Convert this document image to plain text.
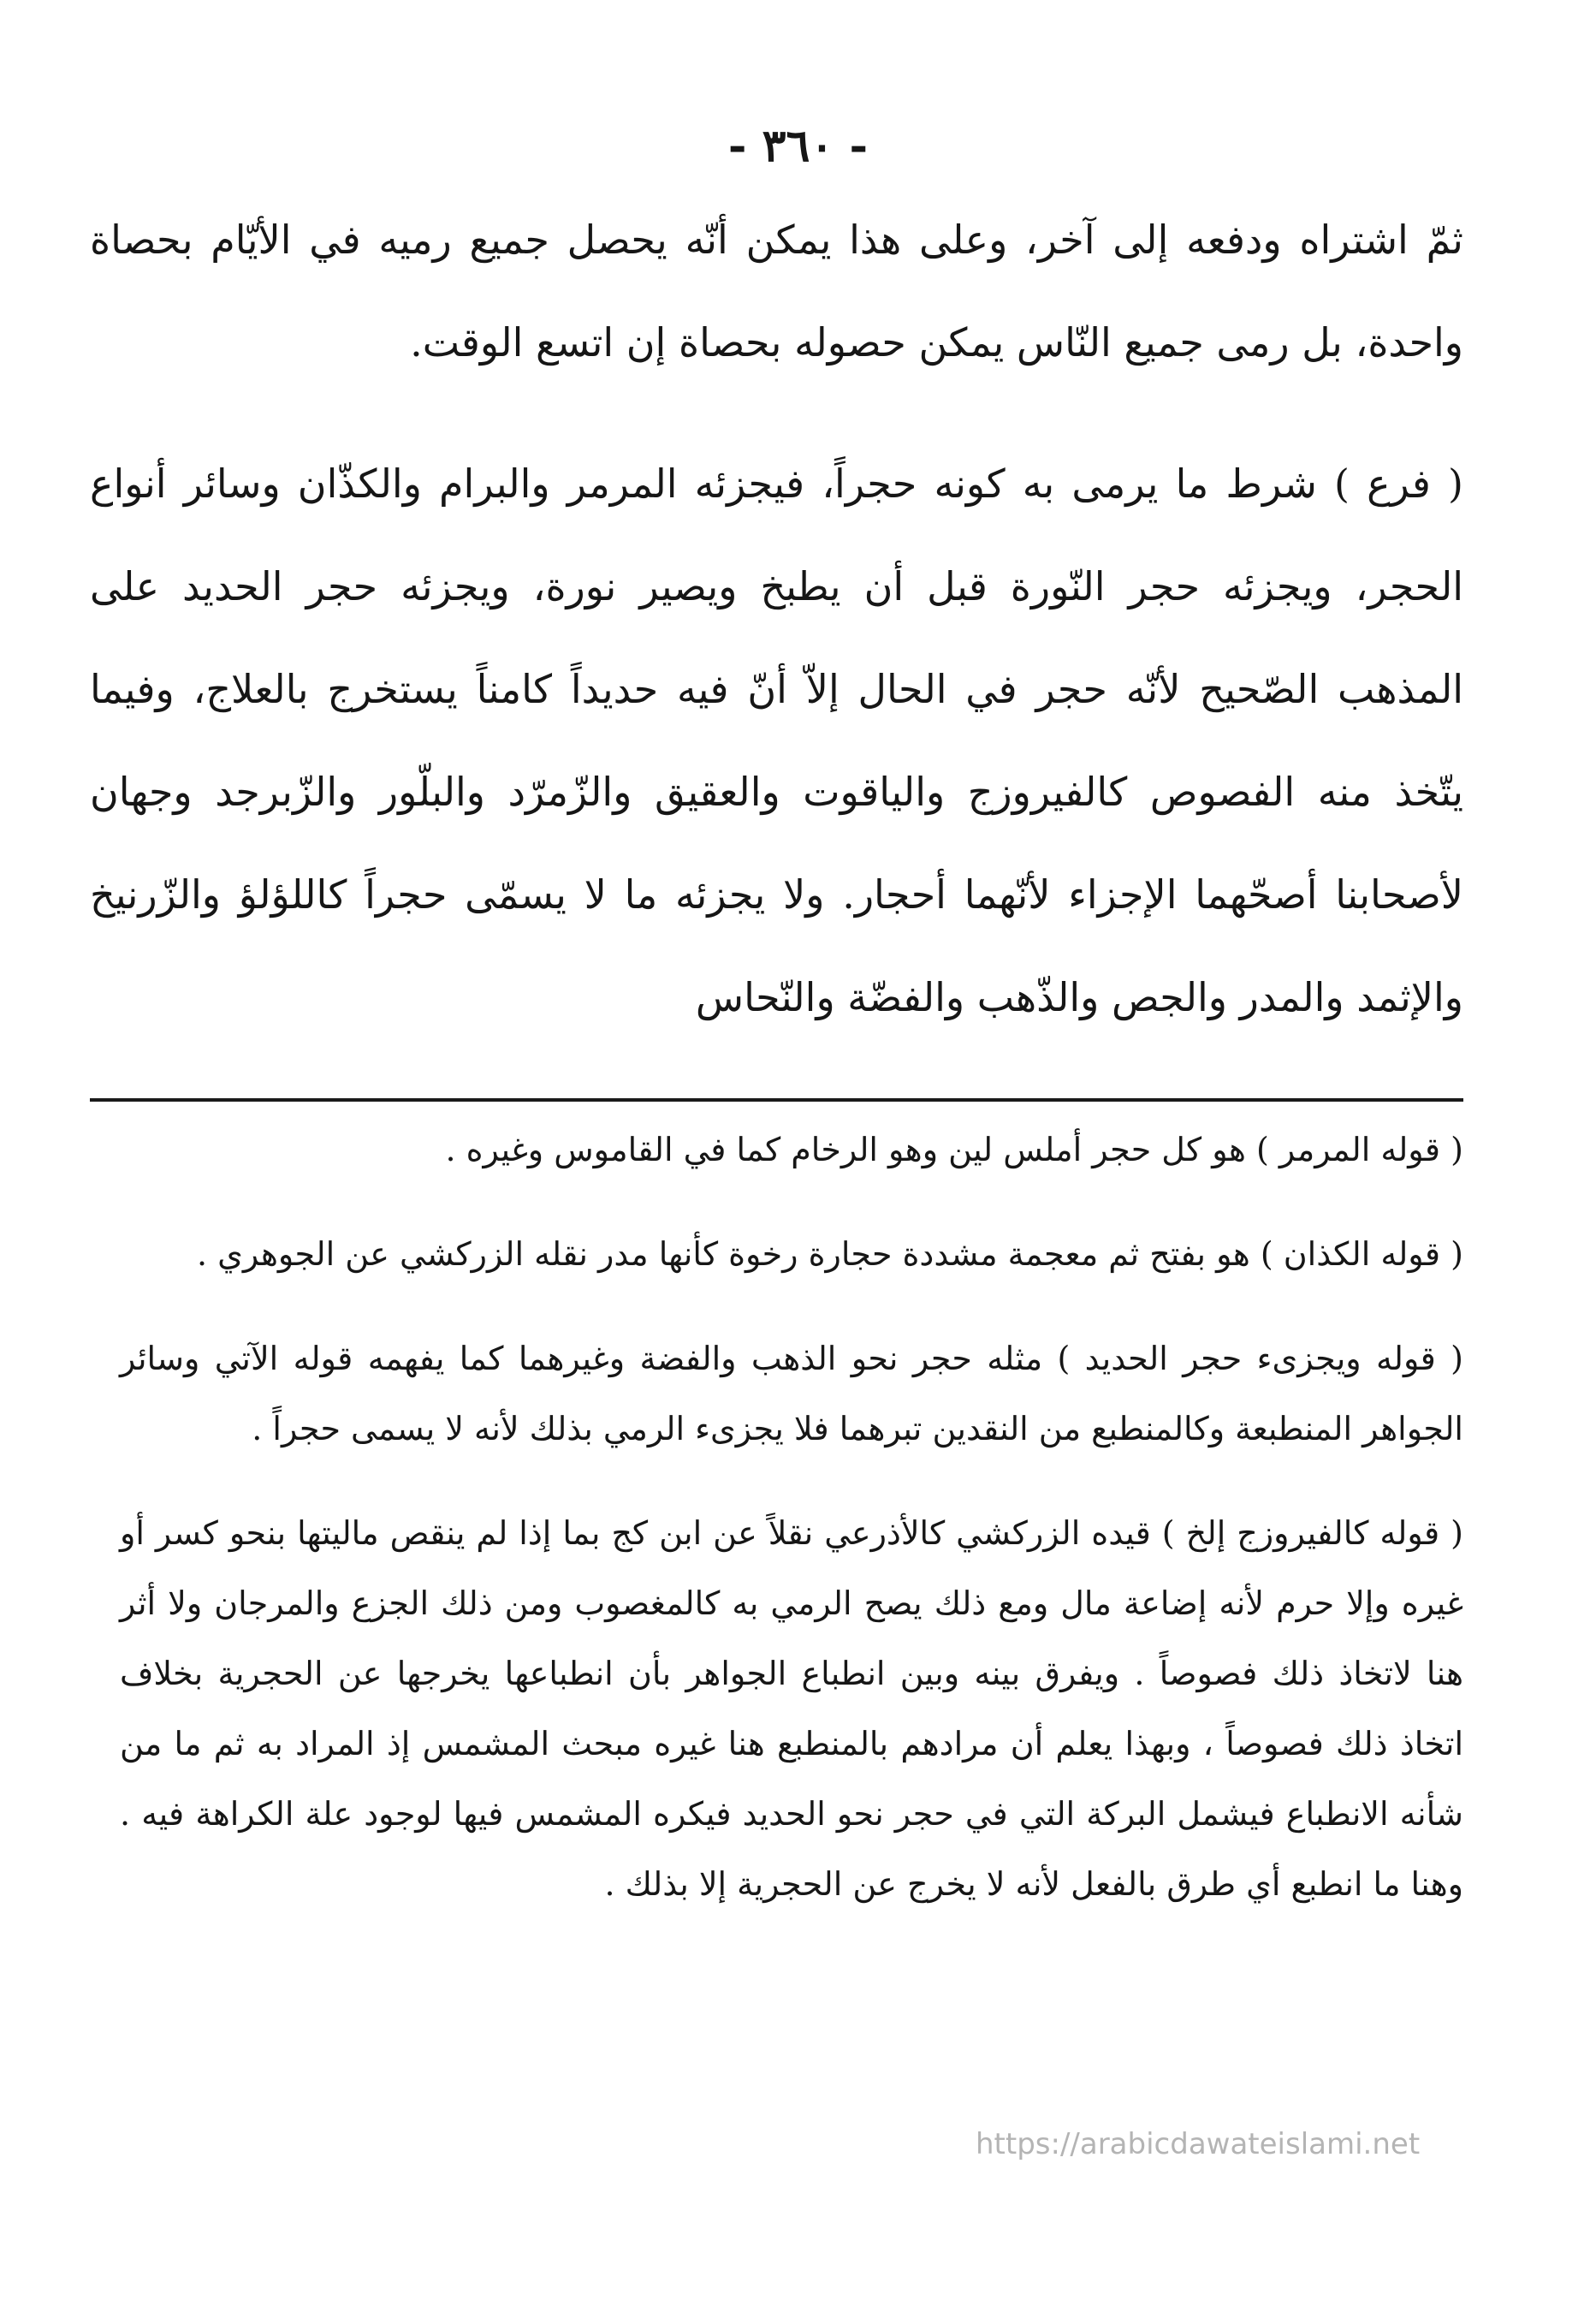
- ٣٦٠ -

ثمّ اشتراه ودفعه إلى آخر، وعلى هذا يمكن أنّه يحصل جميع رميه في الأيّام بحصاة واحدة، بل رمى جميع النّاس يمكن حصوله بحصاة إن اتسع الوقت.

( فرع ) شرط ما يرمى به كونه حجراً، فيجزئه المرمر والبرام والكذّان وسائر أنواع الحجر، ويجزئه حجر النّورة قبل أن يطبخ ويصير نورة، ويجزئه حجر الحديد على المذهب الصّحيح لأنّه حجر في الحال إلاّ أنّ فيه حديداً كامناً يستخرج بالعلاج، وفيما يتّخذ منه الفصوص كالفيروزج والياقوت والعقيق والزّمرّد والبلّور والزّبرجد وجهان لأصحابنا أصحّهما الإجزاء لأنّهما أحجار. ولا يجزئه ما لا يسمّى حجراً كاللؤلؤ والزّرنيخ والإثمد والمدر والجص والذّهب والفضّة والنّحاس

( قوله المرمر ) هو كل حجر أملس لين وهو الرخام كما في القاموس وغيره .

( قوله الكذان ) هو بفتح ثم معجمة مشددة حجارة رخوة كأنها مدر نقله الزركشي عن الجوهري .

( قوله ويجزىء حجر الحديد ) مثله حجر نحو الذهب والفضة وغيرهما كما يفهمه قوله الآتي وسائر الجواهر المنطبعة وكالمنطبع من النقدين تبرهما فلا يجزىء الرمي بذلك لأنه لا يسمى حجراً .

( قوله كالفيروزج إلخ ) قيده الزركشي كالأذرعي نقلاً عن ابن كج بما إذا لم ينقص ماليتها بنحو كسر أو غيره وإلا حرم لأنه إضاعة مال ومع ذلك يصح الرمي به كالمغصوب ومن ذلك الجزع والمرجان ولا أثر هنا لاتخاذ ذلك فصوصاً . ويفرق بينه وبين انطباع الجواهر بأن انطباعها يخرجها عن الحجرية بخلاف اتخاذ ذلك فصوصاً ، وبهذا يعلم أن مرادهم بالمنطبع هنا غيره مبحث المشمس إذ المراد به ثم ما من شأنه الانطباع فيشمل البركة التي في حجر نحو الحديد فيكره المشمس فيها لوجود علة الكراهة فيه . وهنا ما انطبع أي طرق بالفعل لأنه لا يخرج عن الحجرية إلا بذلك .

https://arabicdawateislami.net
